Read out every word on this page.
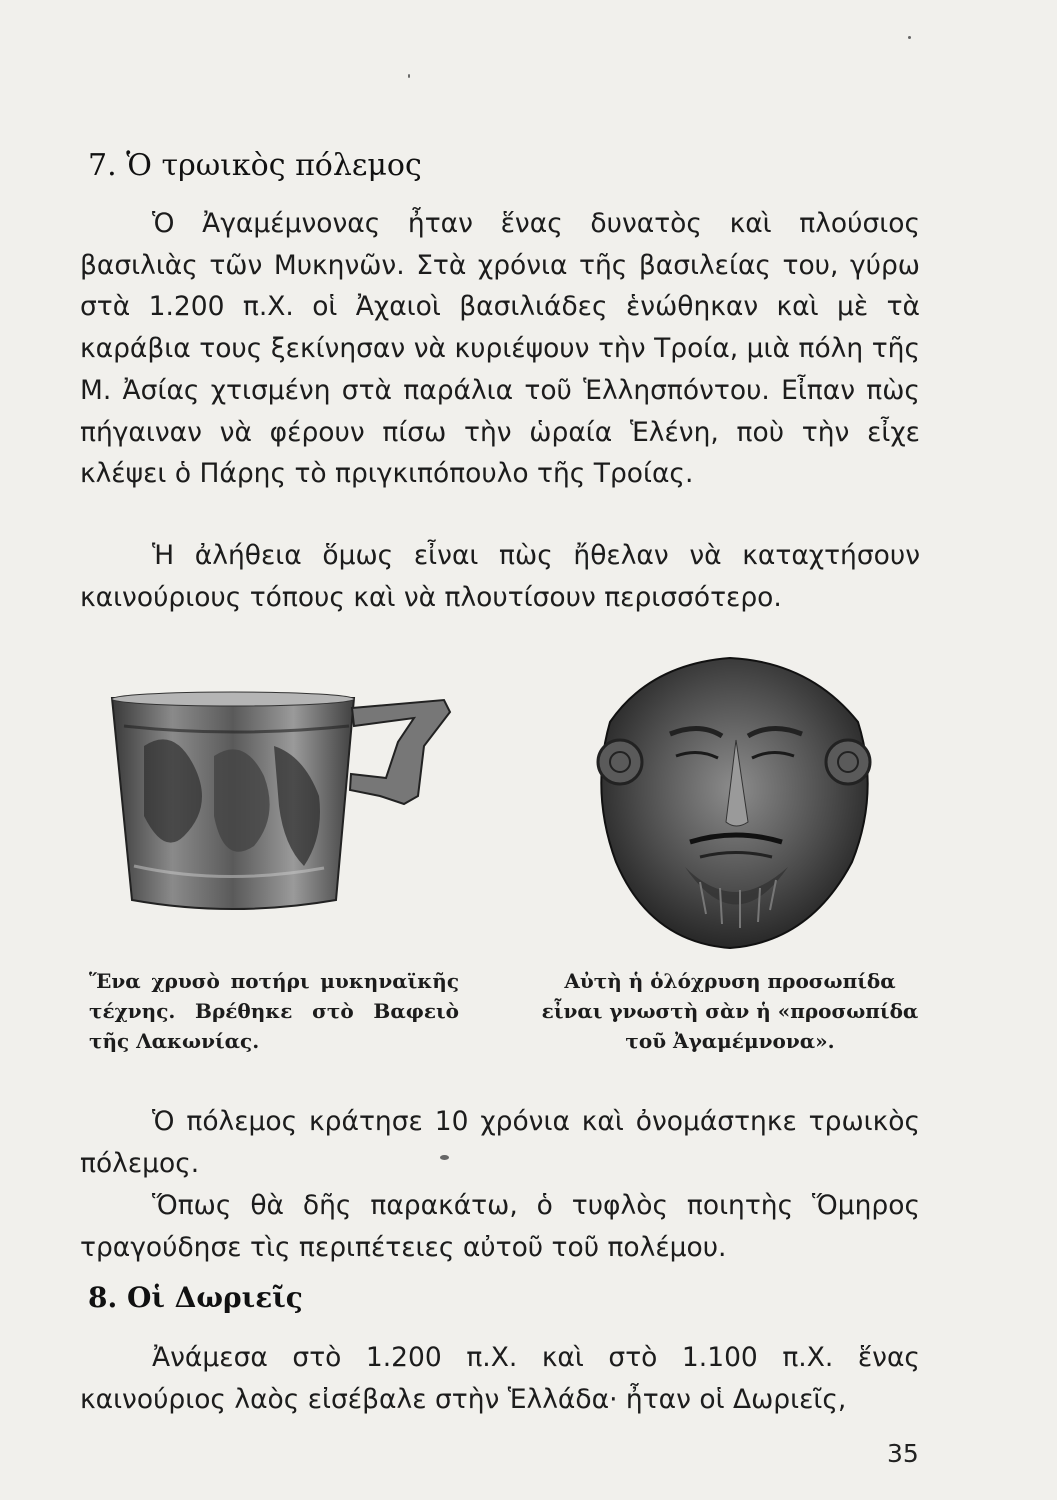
7. Ὁ τρωικὸς πόλεμος

Ὁ Ἀγαμέμνονας ἦταν ἕνας δυνατὸς καὶ πλούσιος βασιλιὰς τῶν Μυκηνῶν. Στὰ χρόνια τῆς βασιλείας του, γύρω στὰ 1.200 π.Χ. οἱ Ἀχαιοὶ βασιλιάδες ἑνώθηκαν καὶ μὲ τὰ καράβια τους ξεκίνησαν νὰ κυριέψουν τὴν Τροία, μιὰ πόλη τῆς Μ. Ἀσίας χτισμένη στὰ παράλια τοῦ Ἑλλησπόντου. Εἶπαν πὼς πήγαιναν νὰ φέρουν πίσω τὴν ὡραία Ἑλένη, ποὺ τὴν εἶχε κλέψει ὁ Πάρης τὸ πριγκιπόπουλο τῆς Τροίας.

Ἡ ἀλήθεια ὅμως εἶναι πὼς ἤθελαν νὰ καταχτήσουν καινούριους τόπους καὶ νὰ πλουτίσουν περισσότερο.

Ἕνα χρυσὸ ποτήρι μυκηναϊκῆς τέχνης. Βρέθηκε στὸ Βαφειὸ τῆς Λακωνίας.

Αὐτὴ ἡ ὁλόχρυση προσωπίδα εἶναι γνωστὴ σὰν ἡ «προσωπίδα τοῦ Ἀγαμέμνονα».

Ὁ πόλεμος κράτησε 10 χρόνια καὶ ὀνομάστηκε τρωικὸς πόλεμος.

Ὅπως θὰ δῆς παρακάτω, ὁ τυφλὸς ποιητὴς Ὅμηρος τραγούδησε τὶς περιπέτειες αὐτοῦ τοῦ πολέμου.

8. Οἱ Δωριεῖς

Ἀνάμεσα στὸ 1.200 π.Χ. καὶ στὸ 1.100 π.Χ. ἕνας καινούριος λαὸς εἰσέβαλε στὴν Ἑλλάδα· ἦταν οἱ Δωριεῖς,

35
